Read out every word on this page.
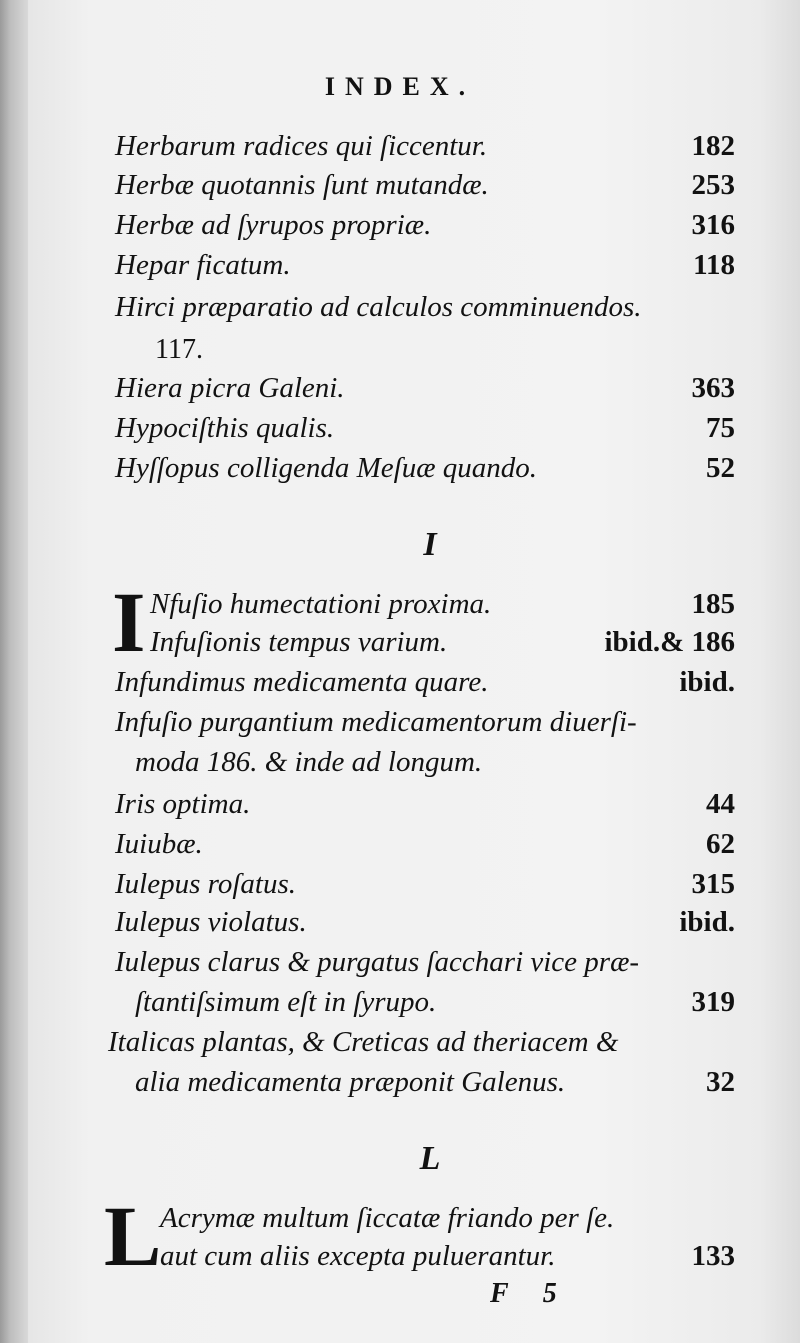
INDEX.
Herbarum radices qui ſiccentur.	182
Herbæ quotannis ſunt mutandæ.	253
Herbæ ad ſyrupos propriæ.	316
Hepar ficatum.	118
Hirci præparatio ad calculos comminuendos.
117.
Hiera picra Galeni.	363
Hypociſthis qualis.	75
Hyſſopus colligenda Meſuæ quando.	52
I
I Nfuſio humectationi proxima.	185
Infuſionis tempus varium.	ibid.& 186
Infundimus medicamenta quare.	ibid.
Infuſio purgantium medicamentorum diuerſi-
moda 186. & inde ad longum.
Iris optima.	44
Iuiubæ.	62
Iulepus roſatus.	315
Iulepus violatus.	ibid.
Iulepus clarus & purgatus ſacchari vice præ-
ſtantiſsimum eſt in ſyrupo.	319
Italicas plantas, & Creticas ad theriacem &
alia medicamenta præponit Galenus.	32
L
L
Acrymæ multum ſiccatæ friando per ſe.
aut cum aliis excepta puluerantur.	133
F 5
